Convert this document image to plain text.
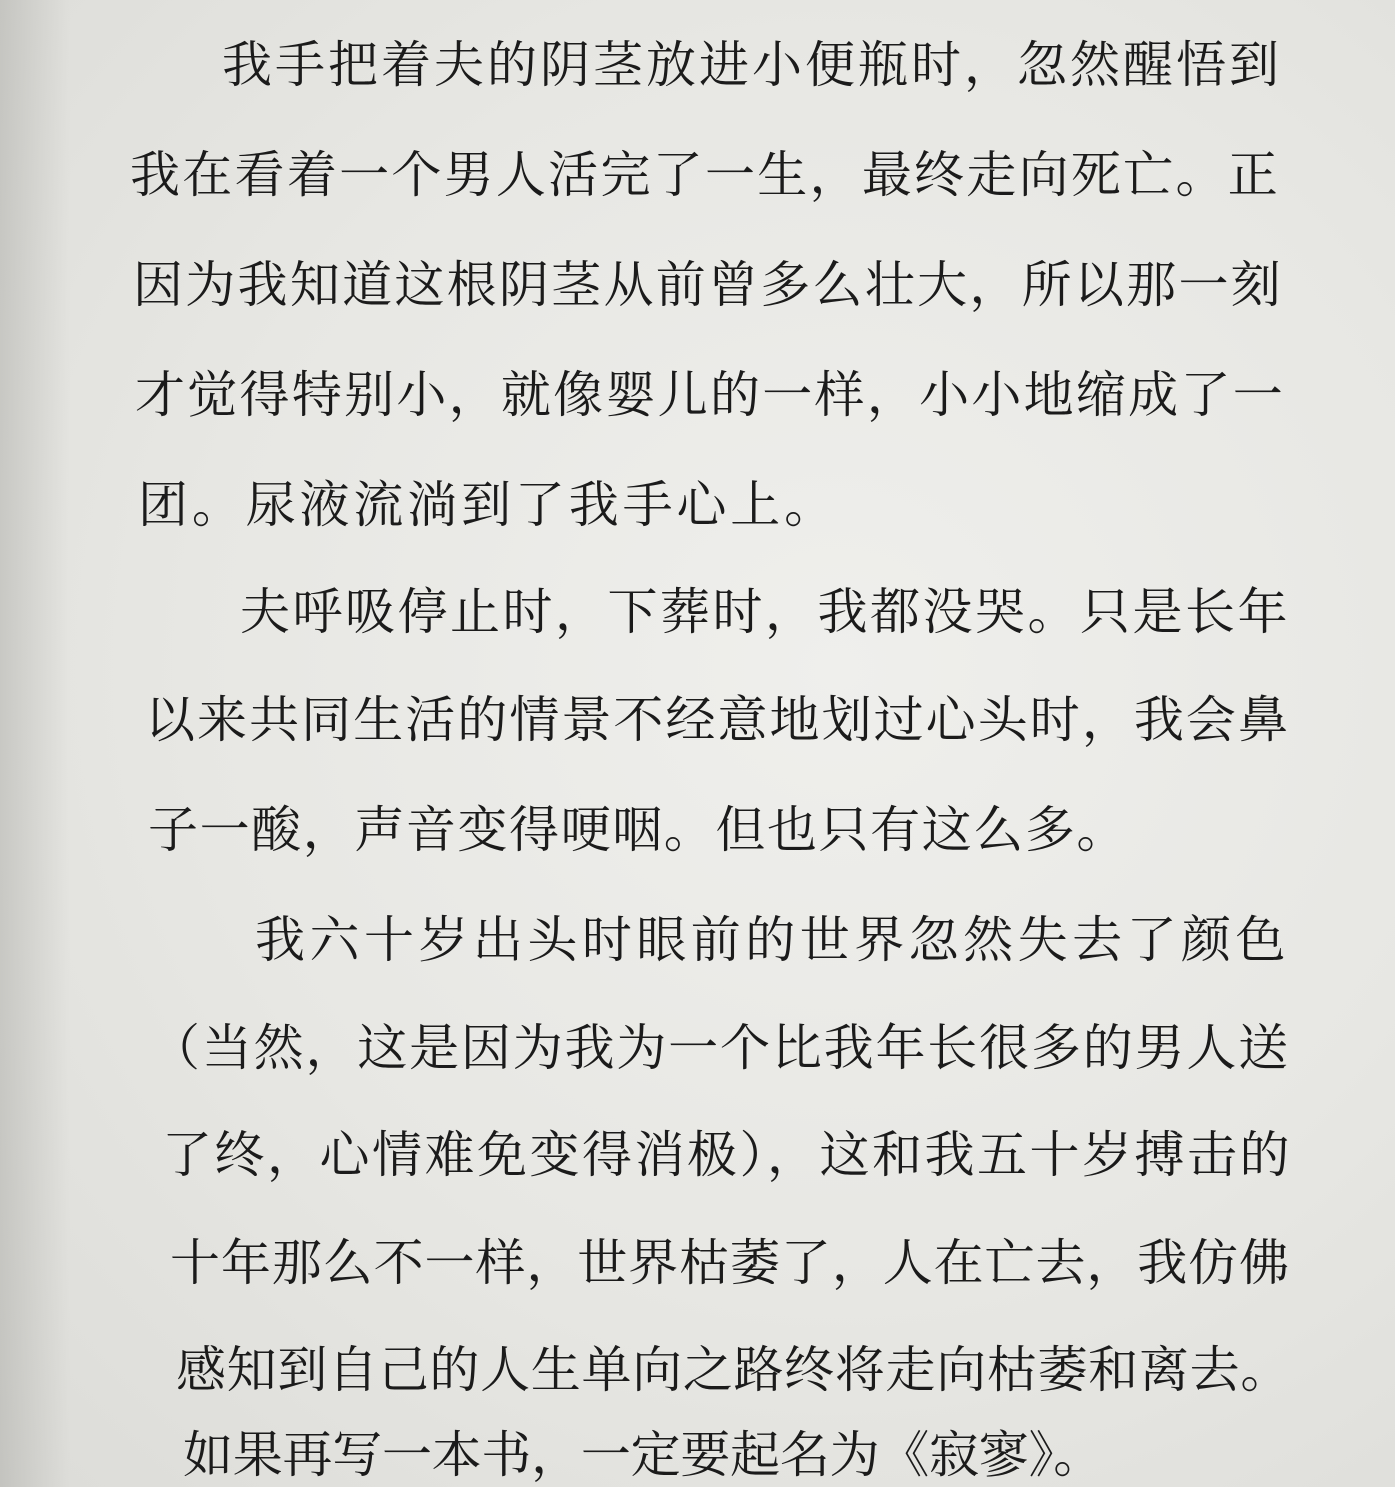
我手把着夫的阴茎放进小便瓶时，忽然醒悟到
我在看着一个男人活完了一生，最终走向死亡。正
因为我知道这根阴茎从前曾多么壮大，所以那一刻
才觉得特别小，就像婴儿的一样，小小地缩成了一
团。尿液流淌到了我手心上。
夫呼吸停止时，下葬时，我都没哭。只是长年
以来共同生活的情景不经意地划过心头时，我会鼻
子一酸，声音变得哽咽。但也只有这么多。
我六十岁出头时眼前的世界忽然失去了颜色
（当然，这是因为我为一个比我年长很多的男人送
了终，心情难免变得消极），这和我五十岁搏击的
十年那么不一样，世界枯萎了，人在亡去，我仿佛
感知到自己的人生单向之路终将走向枯萎和离去。
如果再写一本书，一定要起名为《寂寥》。
